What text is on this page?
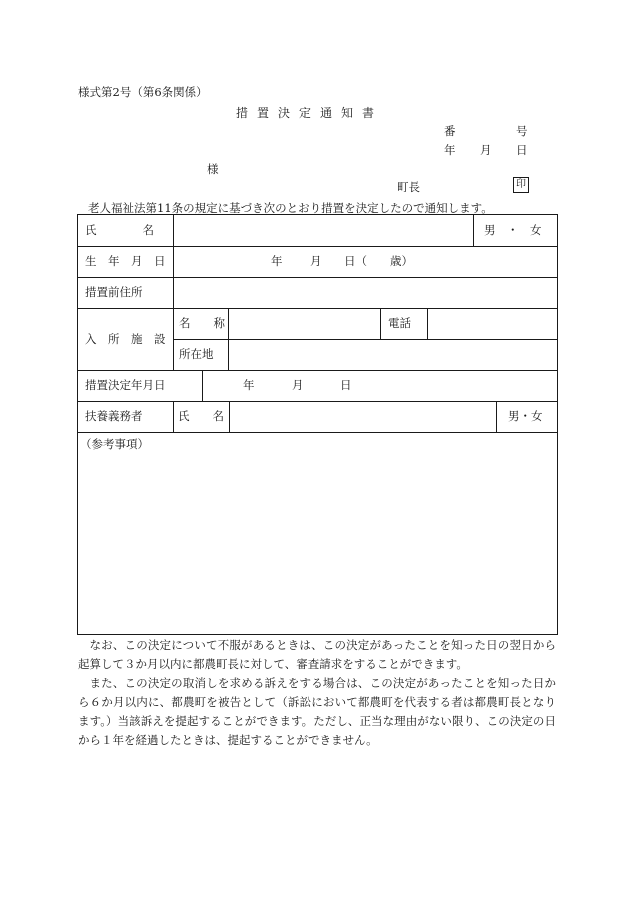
様式第2号（第6条関係）
措置決定通知書
番	号
年 月 日
様
町長	印
老人福祉法第11条の規定に基づき次のとおり措置を決定したので通知します。
氏　　　　名	男　・　女
生　年　月　日	年 月 日（　　歳）
措置前住所
入　所　施　設
名　　称	電話
所在地
措置決定年月日	年	月	日
扶養義務者	氏　　名	男・女
（参考事項）

なお、この決定について不服があるときは、この決定があったことを知った日の翌日から起算して３か月以内に都農町長に対して、審査請求をすることができます。

また、この決定の取消しを求める訴えをする場合は、この決定があったことを知った日から６か月以内に、都農町を被告として（訴訟において都農町を代表する者は都農町長となります。）当該訴えを提起することができます。ただし、正当な理由がない限り、この決定の日から１年を経過したときは、提起することができません。
